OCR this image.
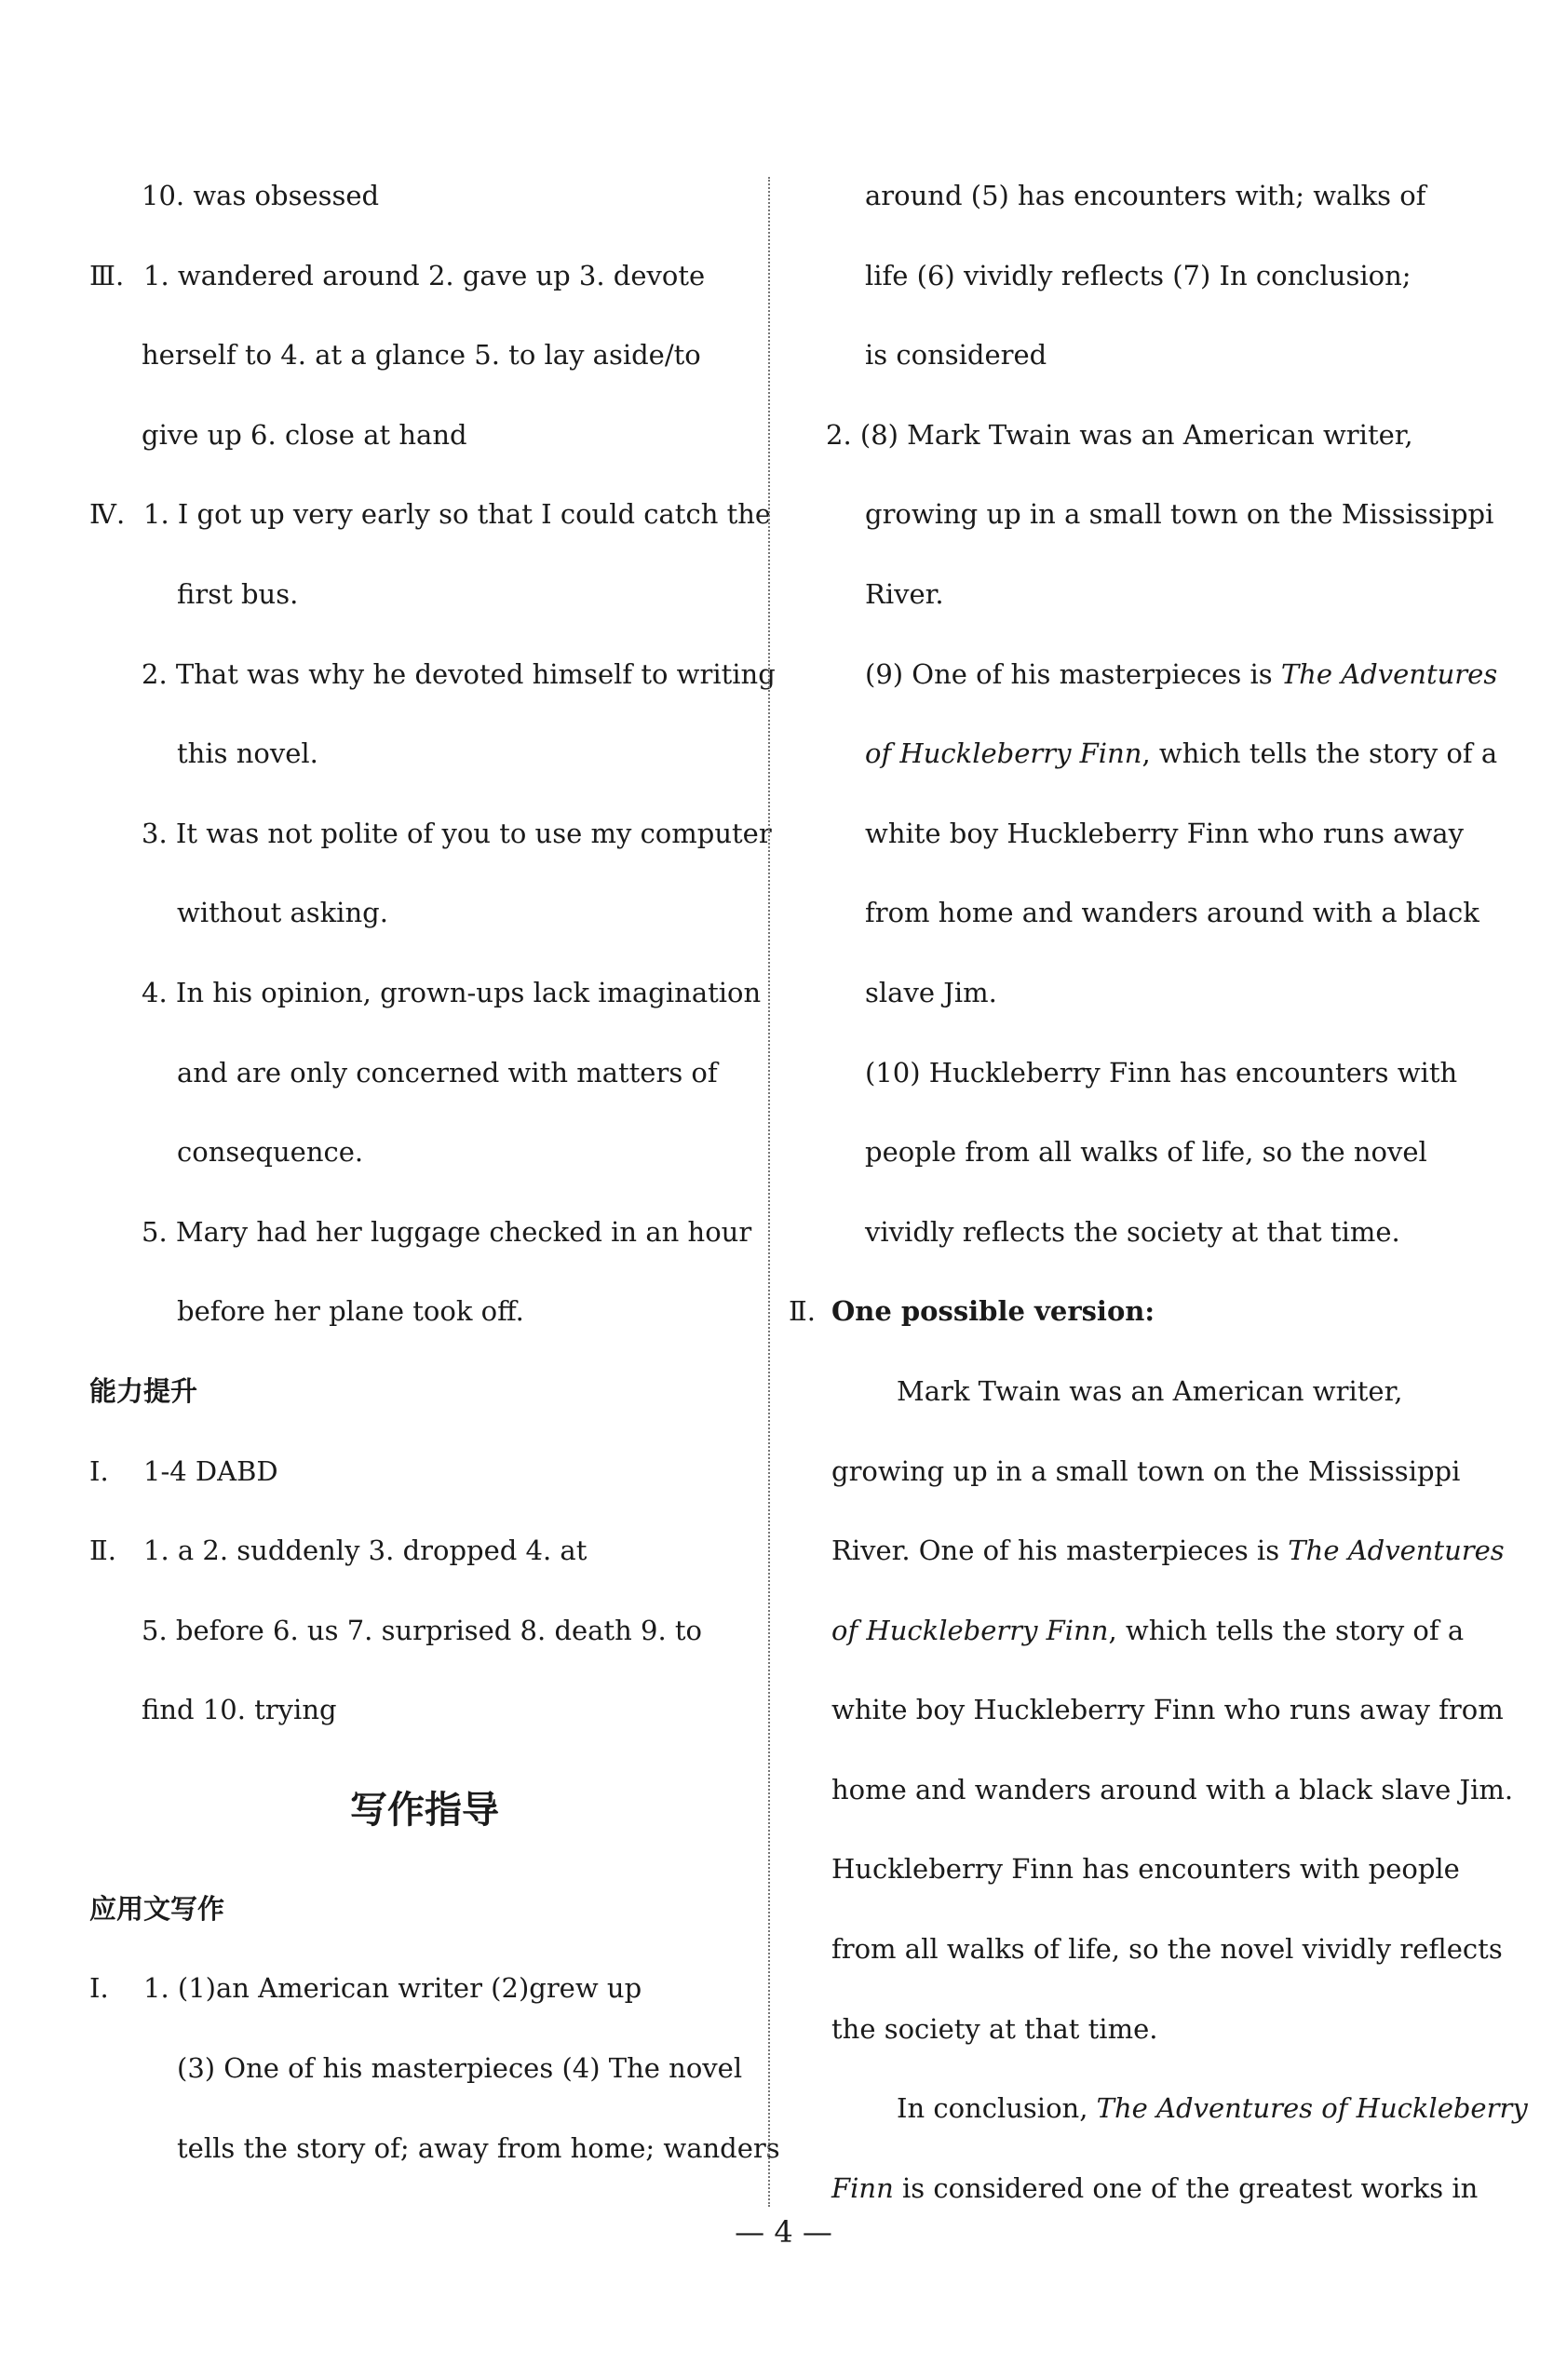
10. was obsessed
Ⅲ. 1. wandered around 2. gave up 3. devote
herself to 4. at a glance 5. to lay aside/to
give up 6. close at hand
Ⅳ. 1. I got up very early so that I could catch the
first bus.
2. That was why he devoted himself to writing
this novel.
3. It was not polite of you to use my computer
without asking.
4. In his opinion, grown-ups lack imagination
and are only concerned with matters of
consequence.
5. Mary had her luggage checked in an hour
before her plane took off.
能力提升
Ⅰ. 1-4 DABD
Ⅱ. 1. a 2. suddenly 3. dropped 4. at
5. before 6. us 7. surprised 8. death 9. to
find 10. trying
写作指导
应用文写作
Ⅰ. 1. (1)an American writer (2)grew up
(3) One of his masterpieces (4) The novel
tells the story of; away from home; wanders
around (5) has encounters with; walks of
life (6) vividly reflects (7) In conclusion;
is considered
2. (8) Mark Twain was an American writer,
growing up in a small town on the Mississippi
River.
(9) One of his masterpieces is The Adventures
of Huckleberry Finn, which tells the story of a
white boy Huckleberry Finn who runs away
from home and wanders around with a black
slave Jim.
(10) Huckleberry Finn has encounters with
people from all walks of life, so the novel
vividly reflects the society at that time.
Ⅱ. One possible version:
Mark Twain was an American writer,
growing up in a small town on the Mississippi
River. One of his masterpieces is The Adventures
of Huckleberry Finn, which tells the story of a
white boy Huckleberry Finn who runs away from
home and wanders around with a black slave Jim.
Huckleberry Finn has encounters with people
from all walks of life, so the novel vividly reflects
the society at that time.
In conclusion, The Adventures of Huckleberry
Finn is considered one of the greatest works in
— 4 —
